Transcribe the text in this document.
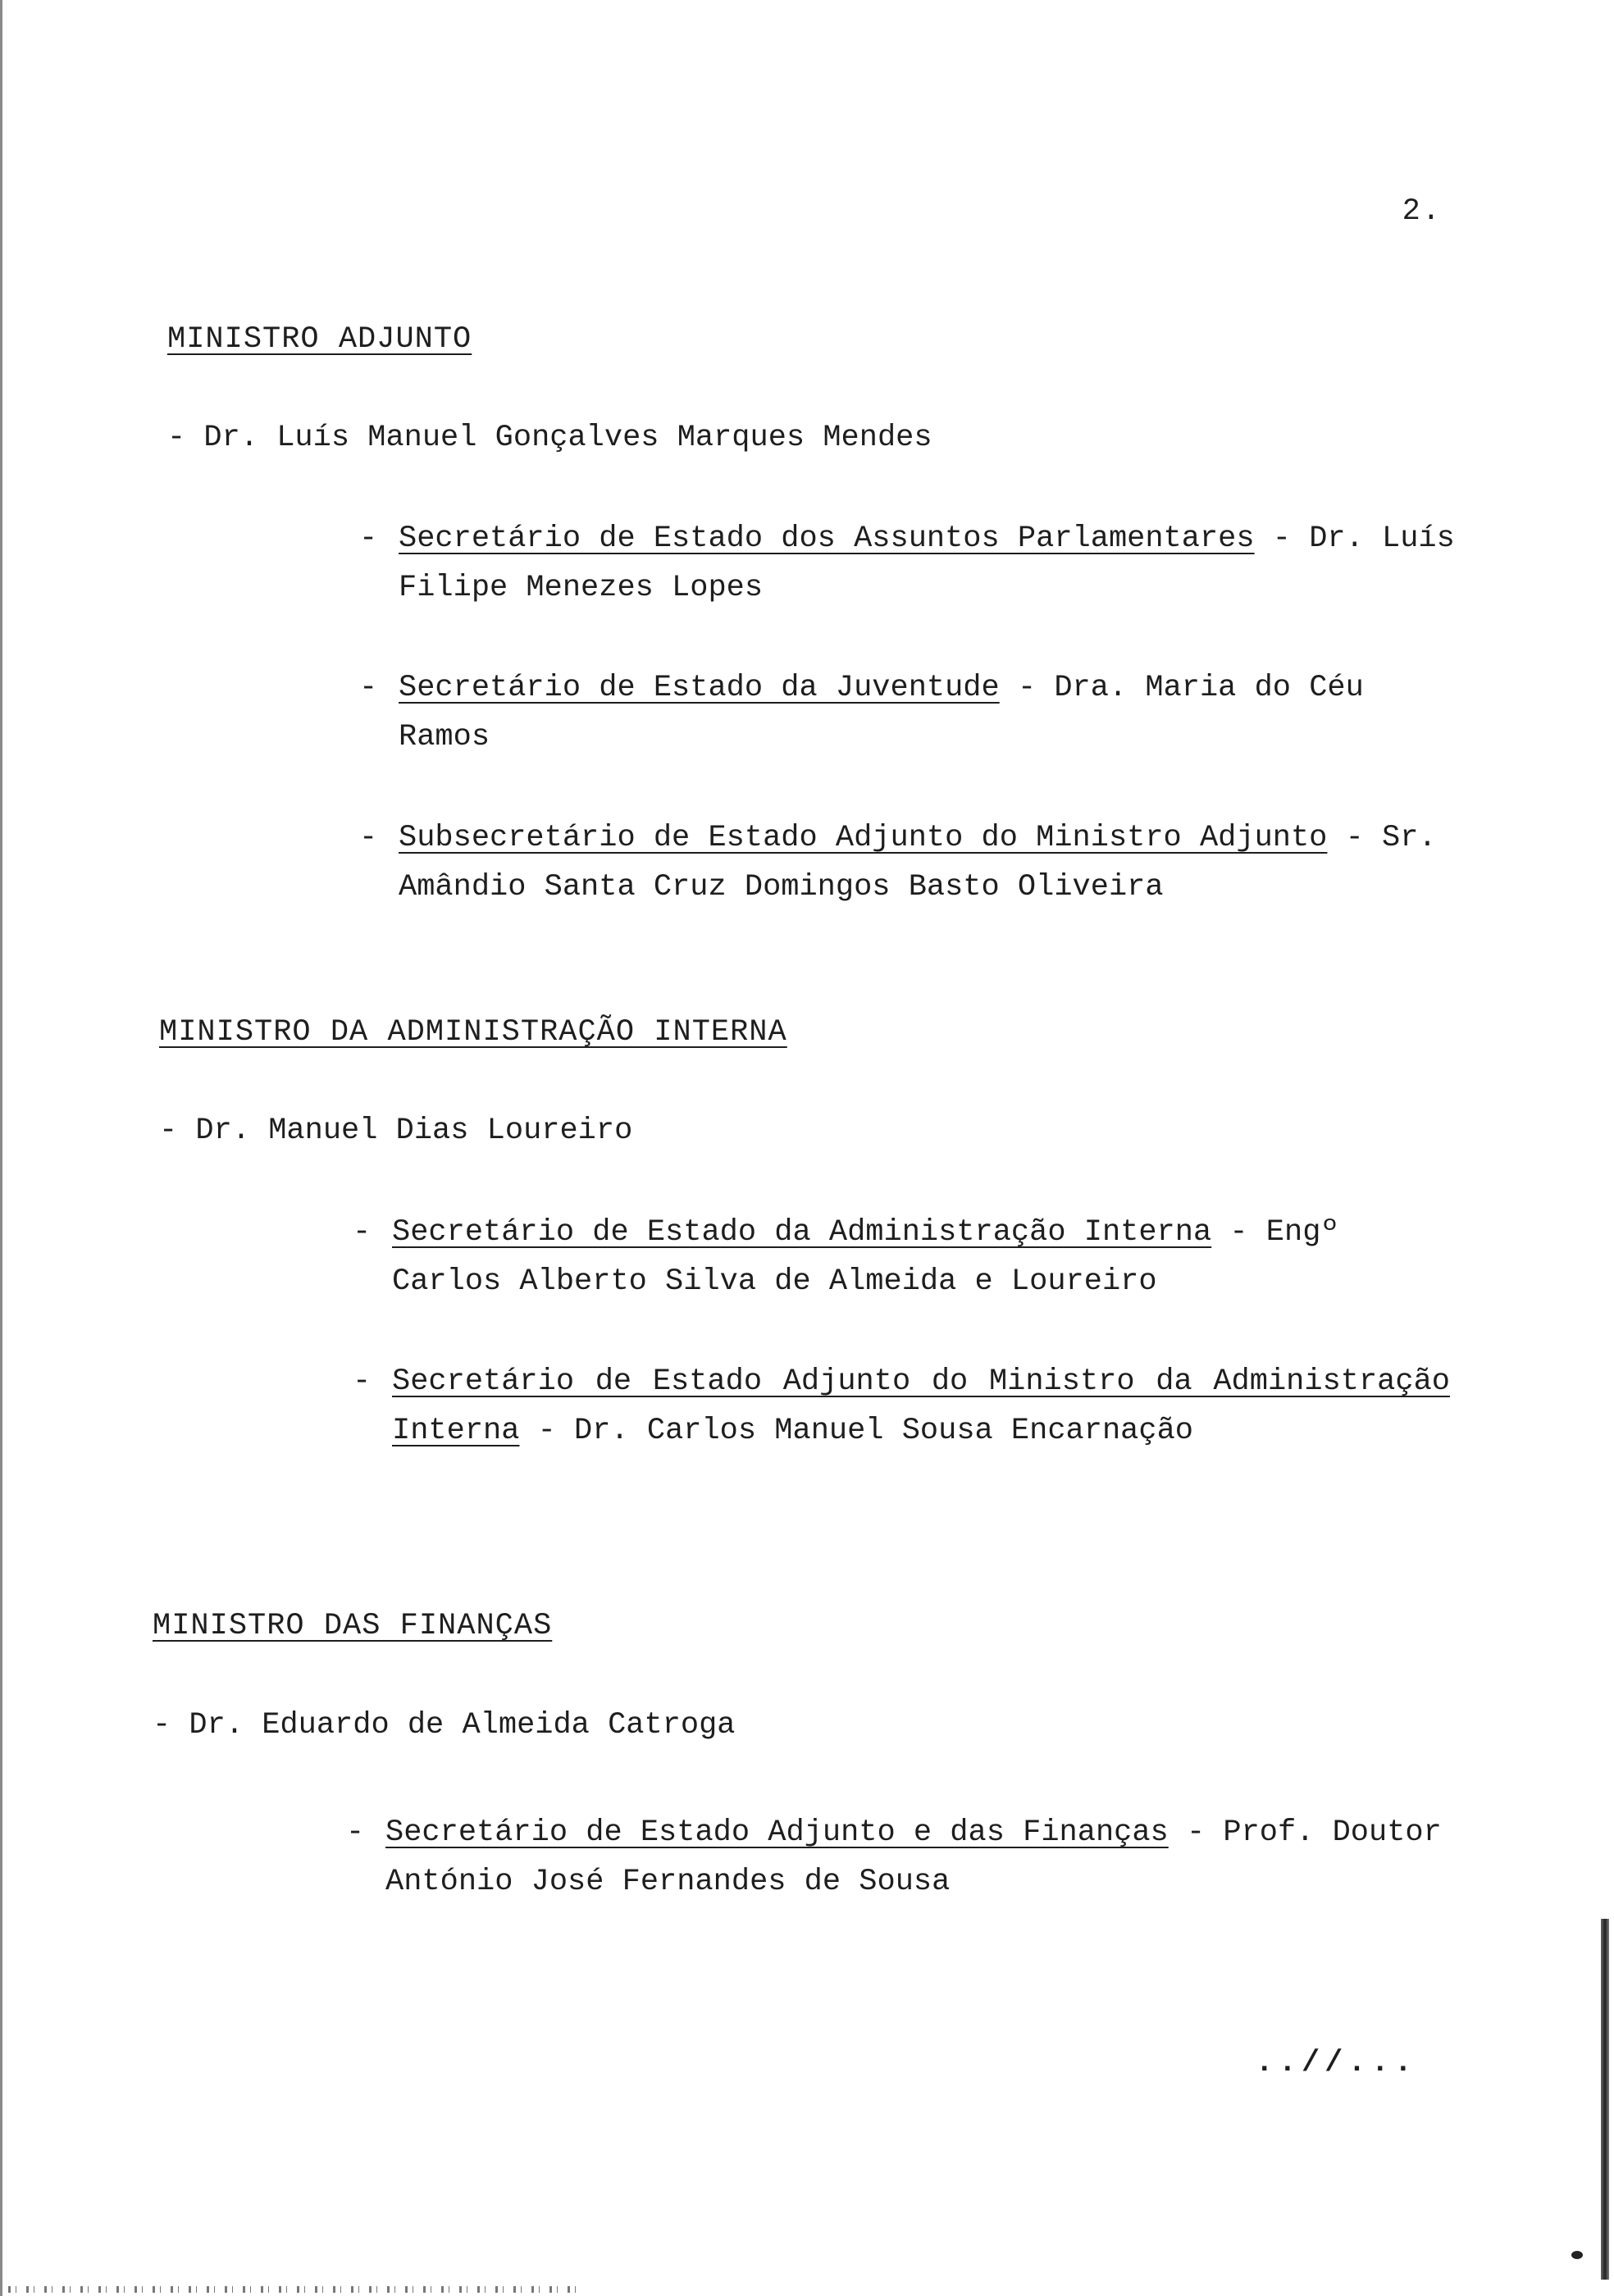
2.
MINISTRO ADJUNTO
- Dr. Luís Manuel Gonçalves Marques Mendes
- Secretário de Estado dos Assuntos Parlamentares - Dr. Luís Filipe Menezes Lopes
- Secretário de Estado da Juventude - Dra. Maria do Céu Ramos
- Subsecretário de Estado Adjunto do Ministro Adjunto - Sr. Amândio Santa Cruz Domingos Basto Oliveira
MINISTRO DA ADMINISTRAÇÃO INTERNA
- Dr. Manuel Dias Loureiro
- Secretário de Estado da Administração Interna - Engº Carlos Alberto Silva de Almeida e Loureiro
- Secretário de Estado Adjunto do Ministro da Administração Interna - Dr. Carlos Manuel Sousa Encarnação
MINISTRO DAS FINANÇAS
- Dr. Eduardo de Almeida Catroga
- Secretário de Estado Adjunto e das Finanças - Prof. Doutor António José Fernandes de Sousa
..//...
